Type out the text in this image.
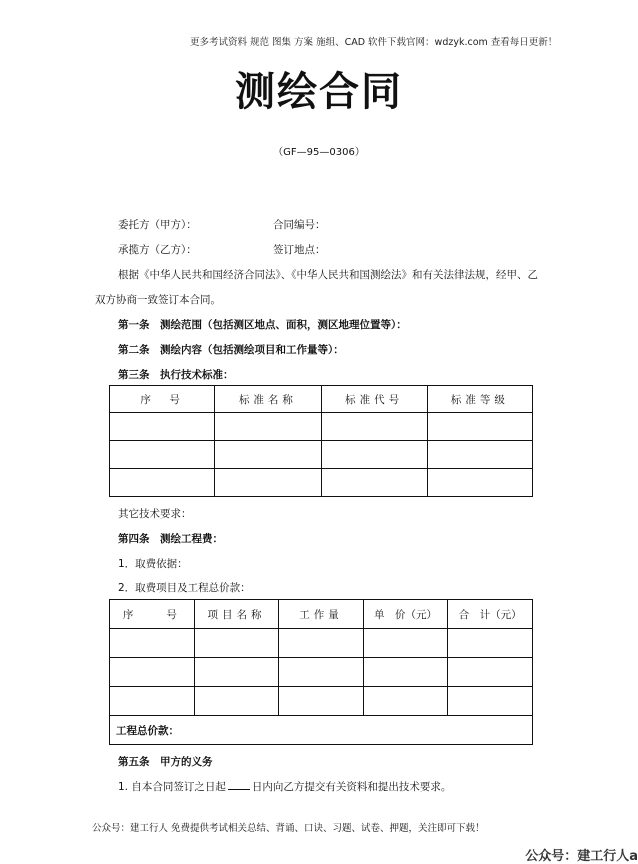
更多考试资料 规范 图集 方案 施组、CAD 软件下载官网：wdzyk.com 查看每日更新！
测绘合同
（GF—95—0306）
委托方（甲方）：	合同编号：
承揽方（乙方）：	签订地点：
根据《中华人民共和国经济合同法》、《中华人民共和国测绘法》和有关法律法规，经甲、乙
双方协商一致签订本合同。
第一条　测绘范围（包括测区地点、面积，测区地理位置等）：
第二条　测绘内容（包括测绘项目和工作量等）：
第三条　执行技术标准：
序　号	标准名称	标准代号	标准等级

其它技术要求：
第四条　测绘工程费：
1．取费依据：
2．取费项目及工程总价款：
序　　号	项目名称	工作量	单　价（元）	合　计（元）

工程总价款：				
第五条　甲方的义务
1. 自本合同签订之日起 日内向乙方提交有关资料和提出技术要求。
公众号：建工行人 免费提供考试相关总结、背诵、口诀、习题、试卷、押题，关注即可下载！
公众号：建工行人a
